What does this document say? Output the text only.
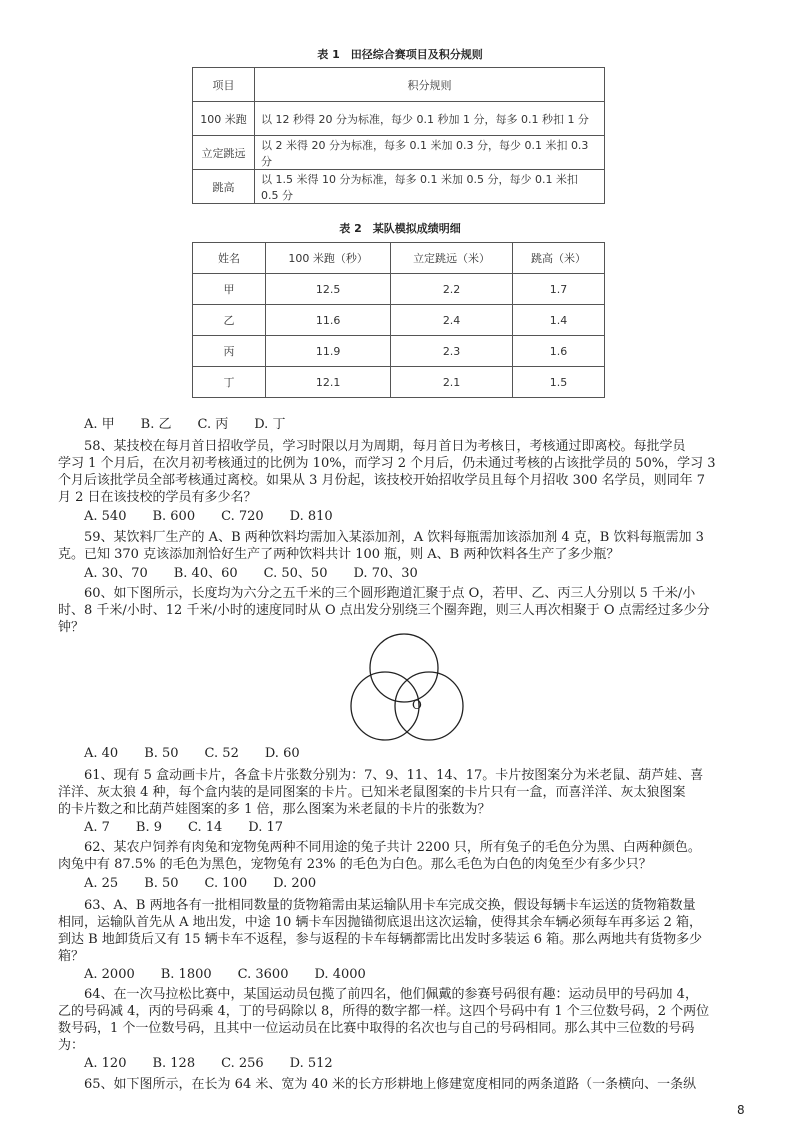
表 1　田径综合赛项目及积分规则
项目	积分规则
100 米跑	以 12 秒得 20 分为标准，每少 0.1 秒加 1 分，每多 0.1 秒扣 1 分
立定跳远	以 2 米得 20 分为标准，每多 0.1 米加 0.3 分，每少 0.1 米扣 0.3 分
跳高	以 1.5 米得 10 分为标准，每多 0.1 米加 0.5 分，每少 0.1 米扣 0.5 分
表 2　某队模拟成绩明细
姓名	100 米跑（秒）	立定跳远（米）	跳高（米）
甲	12.5	2.2	1.7
乙	11.6	2.4	1.4
丙	11.9	2.3	1.6
丁	12.1	2.1	1.5
A. 甲　　B. 乙　　C. 丙　　D. 丁

58、某技校在每月首日招收学员，学习时限以月为周期，每月首日为考核日，考核通过即离校。每批学员

学习 1 个月后，在次月初考核通过的比例为 10%，而学习 2 个月后，仍未通过考核的占该批学员的 50%，学习 3

个月后该批学员全部考核通过离校。如果从 3 月份起，该技校开始招收学员且每个月招收 300 名学员，则同年 7

月 2 日在该技校的学员有多少名？

A. 540　　B. 600　　C. 720　　D. 810

59、某饮料厂生产的 A、B 两种饮料均需加入某添加剂，A 饮料每瓶需加该添加剂 4 克，B 饮料每瓶需加 3

克。已知 370 克该添加剂恰好生产了两种饮料共计 100 瓶，则 A、B 两种饮料各生产了多少瓶？

A. 30、70　　B. 40、60　　C. 50、50　　D. 70、30

60、如下图所示，长度均为六分之五千米的三个圆形跑道汇聚于点 O，若甲、乙、丙三人分别以 5 千米/小

时、8 千米/小时、12 千米/小时的速度同时从 O 点出发分别绕三个圈奔跑，则三人再次相聚于 O 点需经过多少分

钟？

O
A. 40　　B. 50　　C. 52　　D. 60

61、现有 5 盒动画卡片，各盒卡片张数分别为：7、9、11、14、17。卡片按图案分为米老鼠、葫芦娃、喜

洋洋、灰太狼 4 种，每个盒内装的是同图案的卡片。已知米老鼠图案的卡片只有一盒，而喜洋洋、灰太狼图案

的卡片数之和比葫芦娃图案的多 1 倍，那么图案为米老鼠的卡片的张数为？

A. 7　　B. 9　　C. 14　　D. 17

62、某农户饲养有肉兔和宠物兔两种不同用途的兔子共计 2200 只，所有兔子的毛色分为黑、白两种颜色。

肉兔中有 87.5% 的毛色为黑色，宠物兔有 23% 的毛色为白色。那么毛色为白色的肉兔至少有多少只？

A. 25　　B. 50　　C. 100　　D. 200

63、A、B 两地各有一批相同数量的货物箱需由某运输队用卡车完成交换，假设每辆卡车运送的货物箱数量

相同，运输队首先从 A 地出发，中途 10 辆卡车因抛锚彻底退出这次运输，使得其余车辆必须每车再多运 2 箱，

到达 B 地卸货后又有 15 辆卡车不返程，参与返程的卡车每辆都需比出发时多装运 6 箱。那么两地共有货物多少

箱？

A. 2000　　B. 1800　　C. 3600　　D. 4000

64、在一次马拉松比赛中，某国运动员包揽了前四名，他们佩戴的参赛号码很有趣：运动员甲的号码加 4，

乙的号码减 4，丙的号码乘 4，丁的号码除以 8，所得的数字都一样。这四个号码中有 1 个三位数号码，2 个两位

数号码，1 个一位数号码，且其中一位运动员在比赛中取得的名次也与自己的号码相同。那么其中三位数的号码

为：

A. 120　　B. 128　　C. 256　　D. 512

65、如下图所示，在长为 64 米、宽为 40 米的长方形耕地上修建宽度相同的两条道路（一条横向、一条纵

8
